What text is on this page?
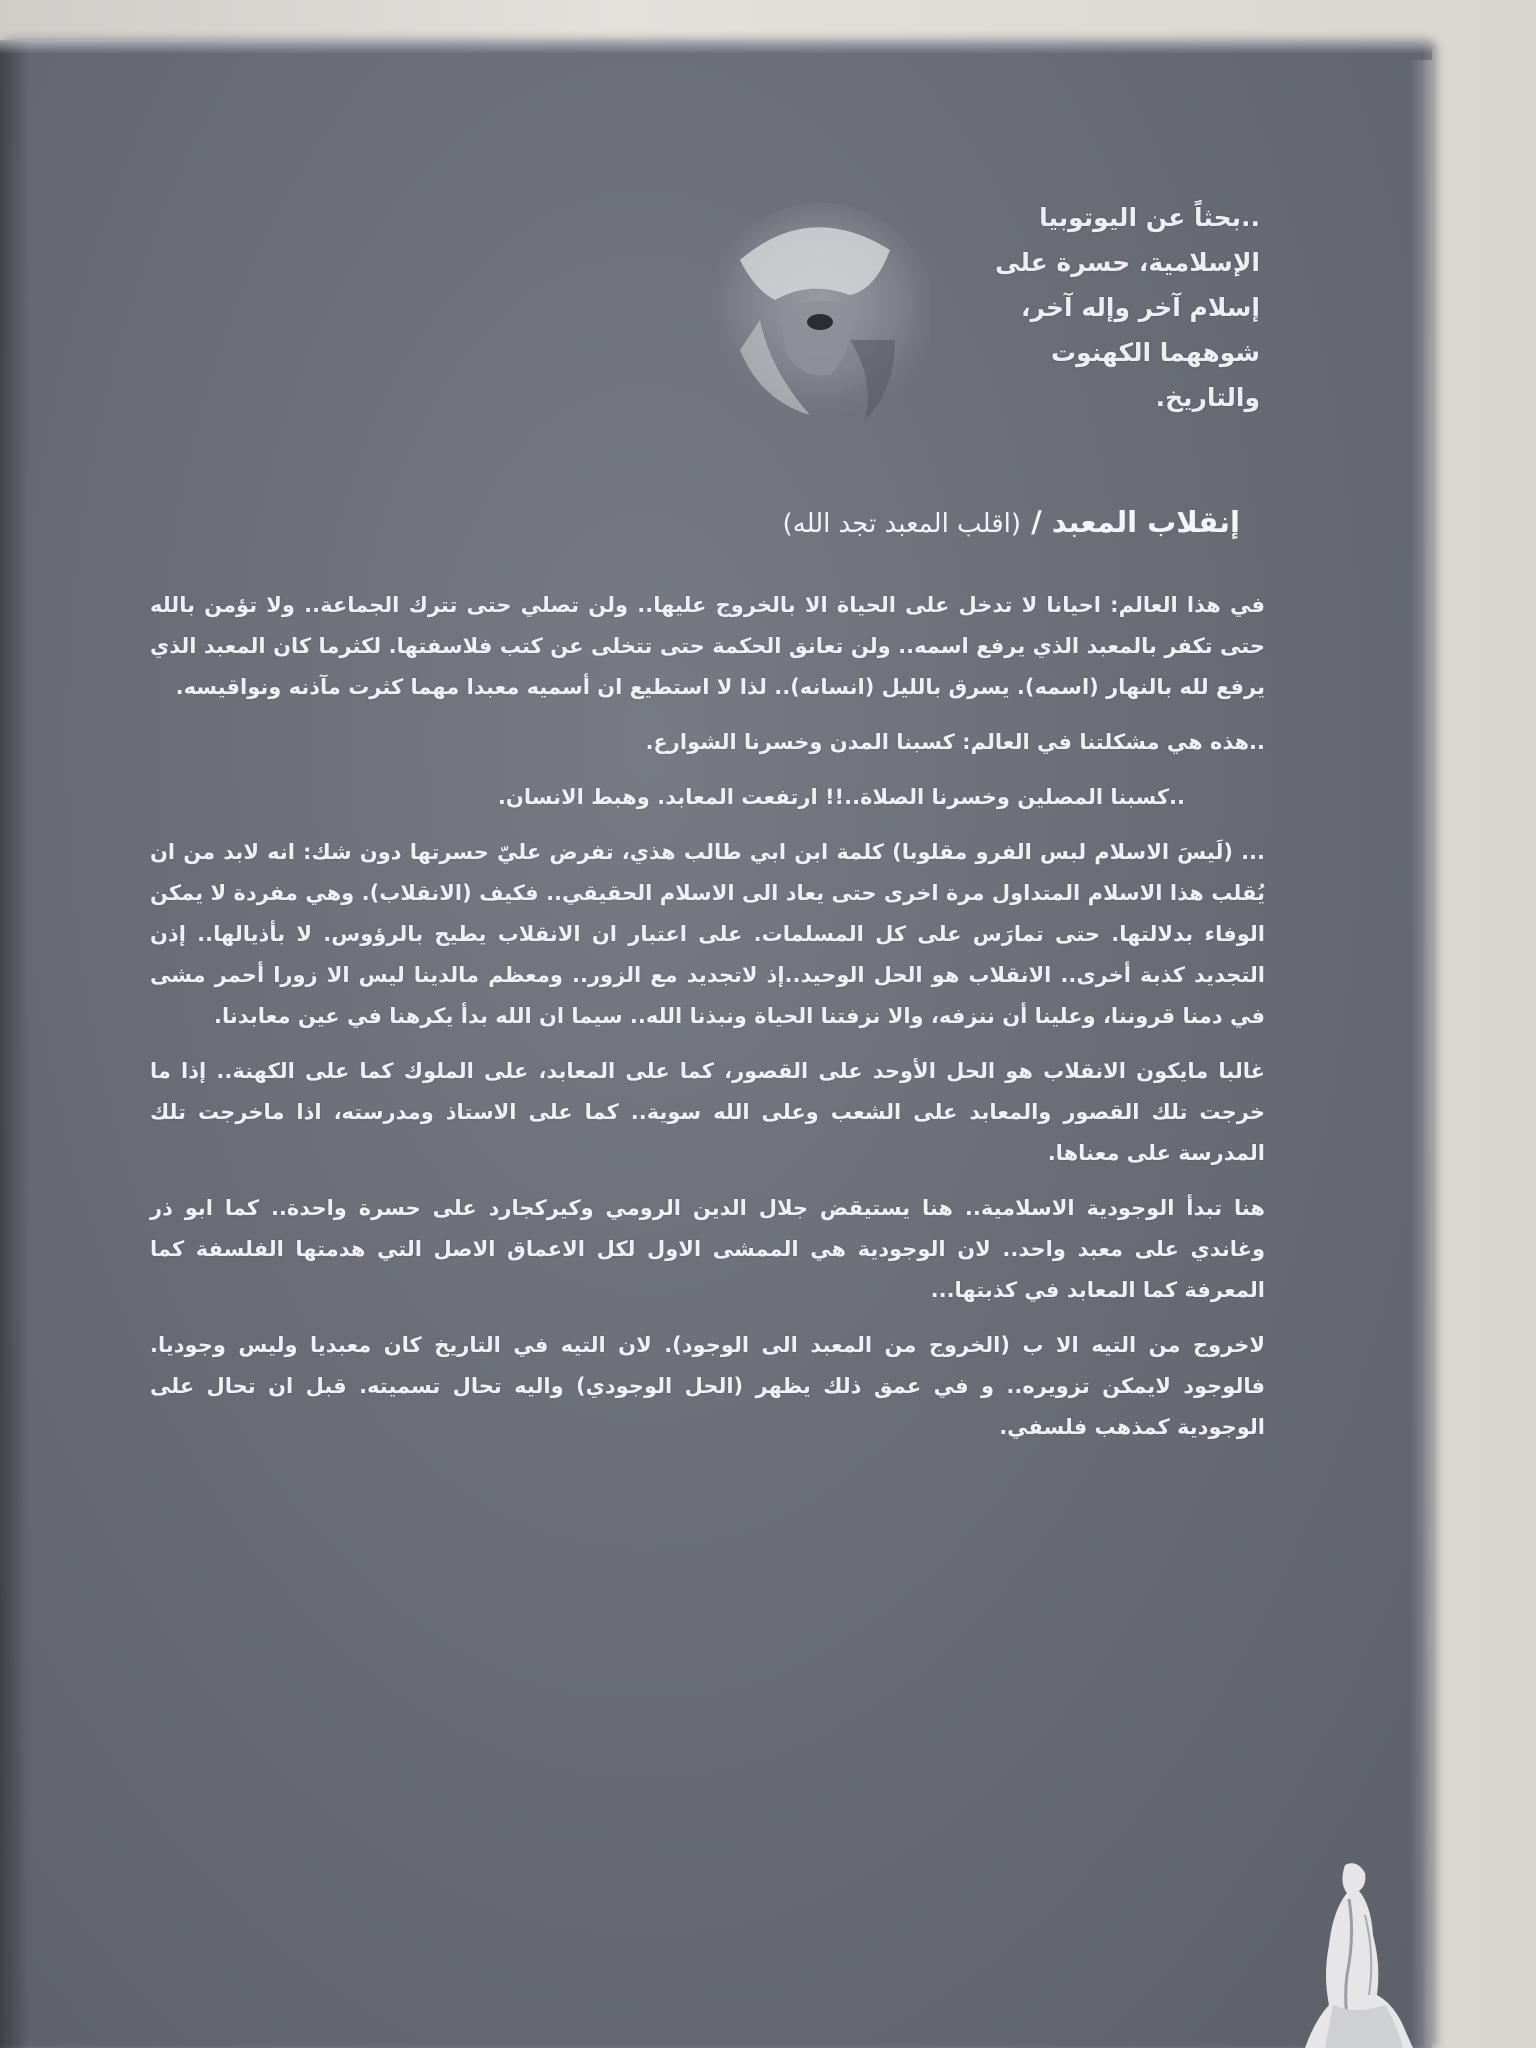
..بحثاً عن اليوتوبيا
الإسلامية، حسرة على
إسلام آخر وإله آخر،
شوههما الكهنوت
والتاريخ.
إنقلاب المعبد / (اقلب المعبد تجد الله)

في هذا العالم: احيانا لا تدخل على الحياة الا بالخروج عليها.. ولن تصلي حتى تترك الجماعة.. ولا تؤمن بالله حتى تكفر بالمعبد الذي يرفع اسمه.. ولن تعانق الحكمة حتى تتخلى عن كتب فلاسفتها. لكثرما كان المعبد الذي يرفع لله بالنهار (اسمه). يسرق بالليل (انسانه).. لذا لا استطيع ان أسميه معبدا مهما كثرت مآذنه ونواقيسه.

..هذه هي مشكلتنا في العالم: كسبنا المدن وخسرنا الشوارع.

..كسبنا المصلين وخسرنا الصلاة..!! ارتفعت المعابد. وهبط الانسان.

... (لَيسَ الاسلام لبس الفرو مقلوبا) كلمة ابن ابي طالب هذي، تفرض عليّ حسرتها دون شك: انه لابد من ان يُقلب هذا الاسلام المتداول مرة اخرى حتى يعاد الى الاسلام الحقيقي.. فكيف (الانقلاب). وهي مفردة لا يمكن الوفاء بدلالتها. حتى تمارَس على كل المسلمات. على اعتبار ان الانقلاب يطيح بالرؤوس. لا بأذيالها.. إذن التجديد كذبة أخرى.. الانقلاب هو الحل الوحيد..إذ لاتجديد مع الزور.. ومعظم مالدينا ليس الا زورا أحمر مشى في دمنا قروننا، وعلينا أن ننزفه، والا نزفتنا الحياة ونبذنا الله.. سيما ان الله بدأ يكرهنا في عين معابدنا.

غالبا مايكون الانقلاب هو الحل الأوحد على القصور، كما على المعابد، على الملوك كما على الكهنة.. إذا ما خرجت تلك القصور والمعابد على الشعب وعلى الله سوية.. كما على الاستاذ ومدرسته، اذا ماخرجت تلك المدرسة على معناها.

هنا تبدأ الوجودية الاسلامية.. هنا يستيقض جلال الدين الرومي وكيركجارد على حسرة واحدة.. كما ابو ذر وغاندي على معبد واحد.. لان الوجودية هي الممشى الاول لكل الاعماق الاصل التي هدمتها الفلسفة كما المعرفة كما المعابد في كذبتها...

لاخروج من التيه الا ب (الخروج من المعبد الى الوجود). لان التيه في التاريخ كان معبديا وليس وجوديا. فالوجود لايمكن تزويره.. و في عمق ذلك يظهر (الحل الوجودي) واليه تحال تسميته. قبل ان تحال على الوجودية كمذهب فلسفي.
